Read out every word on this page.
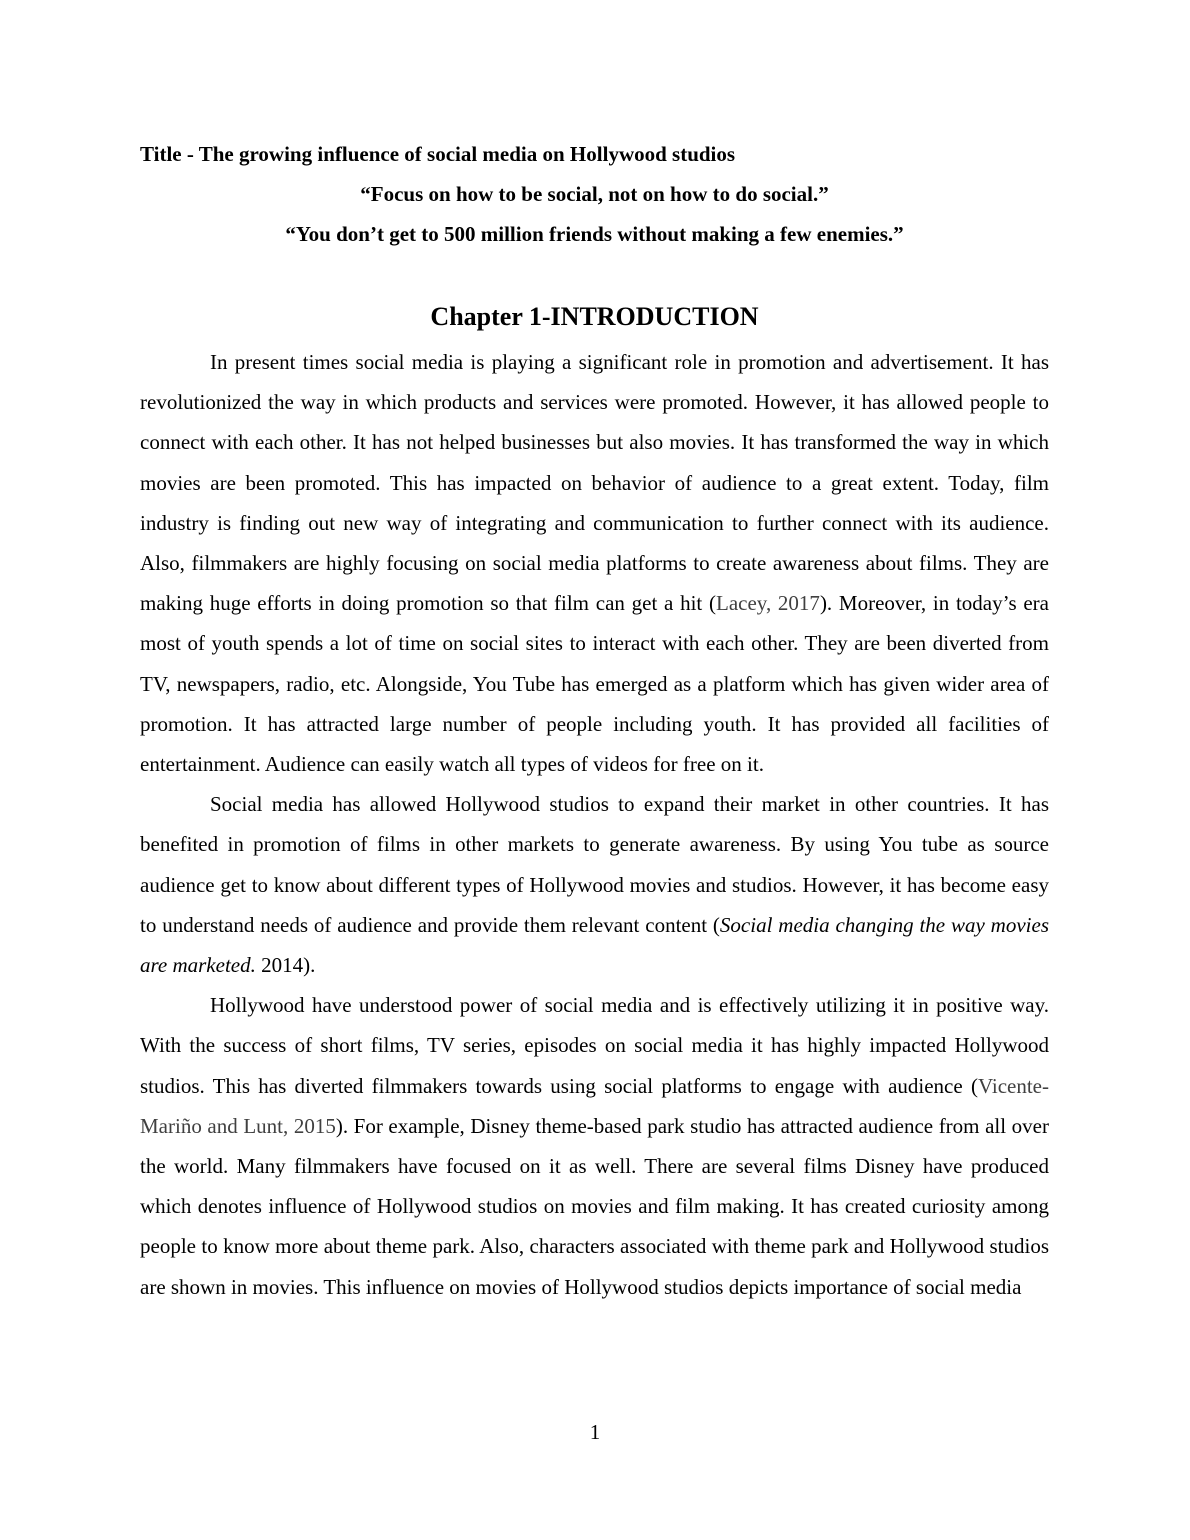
Title - The growing influence of social media on Hollywood studios
“Focus on how to be social, not on how to do social.”
“You don’t get to 500 million friends without making a few enemies.”
Chapter 1-INTRODUCTION

In present times social media is playing a significant role in promotion and advertisement. It has revolutionized the way in which products and services were promoted. However, it has allowed people to connect with each other. It has not helped businesses but also movies. It has transformed the way in which movies are been promoted. This has impacted on behavior of audience to a great extent. Today, film industry is finding out new way of integrating and communication to further connect with its audience. Also, filmmakers are highly focusing on social media platforms to create awareness about films. They are making huge efforts in doing promotion so that film can get a hit (Lacey, 2017). Moreover, in today’s era most of youth spends a lot of time on social sites to interact with each other. They are been diverted from TV, newspapers, radio, etc. Alongside, You Tube has emerged as a platform which has given wider area of promotion. It has attracted large number of people including youth. It has provided all facilities of entertainment. Audience can easily watch all types of videos for free on it.

Social media has allowed Hollywood studios to expand their market in other countries. It has benefited in promotion of films in other markets to generate awareness. By using You tube as source audience get to know about different types of Hollywood movies and studios. However, it has become easy to understand needs of audience and provide them relevant content (Social media changing the way movies are marketed. 2014).

Hollywood have understood power of social media and is effectively utilizing it in positive way. With the success of short films, TV series, episodes on social media it has highly impacted Hollywood studios. This has diverted filmmakers towards using social platforms to engage with audience (Vicente-Mariño and Lunt, 2015). For example, Disney theme-based park studio has attracted audience from all over the world. Many filmmakers have focused on it as well. There are several films Disney have produced which denotes influence of Hollywood studios on movies and film making. It has created curiosity among people to know more about theme park. Also, characters associated with theme park and Hollywood studios are shown in movies. This influence on movies of Hollywood studios depicts importance of social media

1
